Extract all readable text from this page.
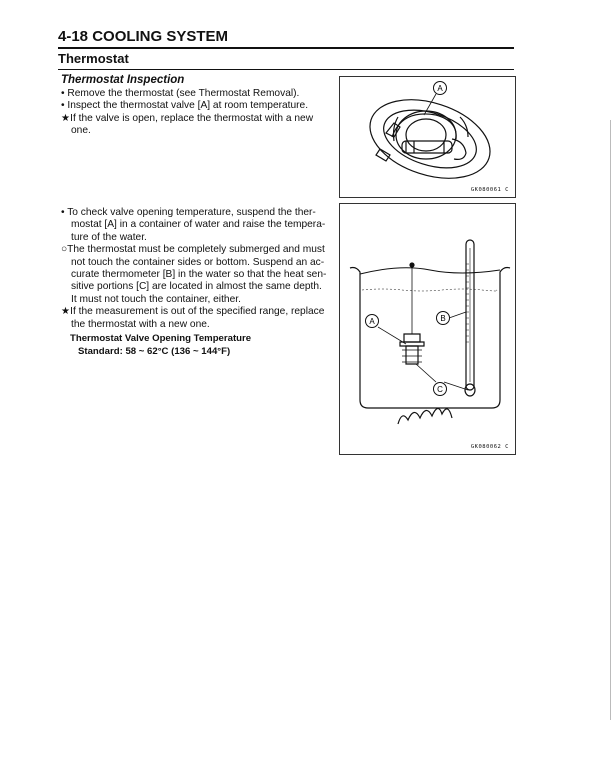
4-18 COOLING SYSTEM
Thermostat
Thermostat Inspection
• Remove the thermostat (see Thermostat Removal).
• Inspect the thermostat valve [A] at room temperature.
★If the valve is open, replace the thermostat with a new
one.
• To check valve opening temperature, suspend the ther-
mostat [A] in a container of water and raise the tempera-
ture of the water.
○The thermostat must be completely submerged and must
not touch the container sides or bottom. Suspend an ac-
curate thermometer [B] in the water so that the heat sen-
sitive portions [C] are located in almost the same depth.
It must not touch the container, either.
★If the measurement is out of the specified range, replace
the thermostat with a new one.
Thermostat Valve Opening Temperature
Standard: 58 ~ 62°C (136 ~ 144°F)
A
GK080061 C
A	B
C
GK080062 C
